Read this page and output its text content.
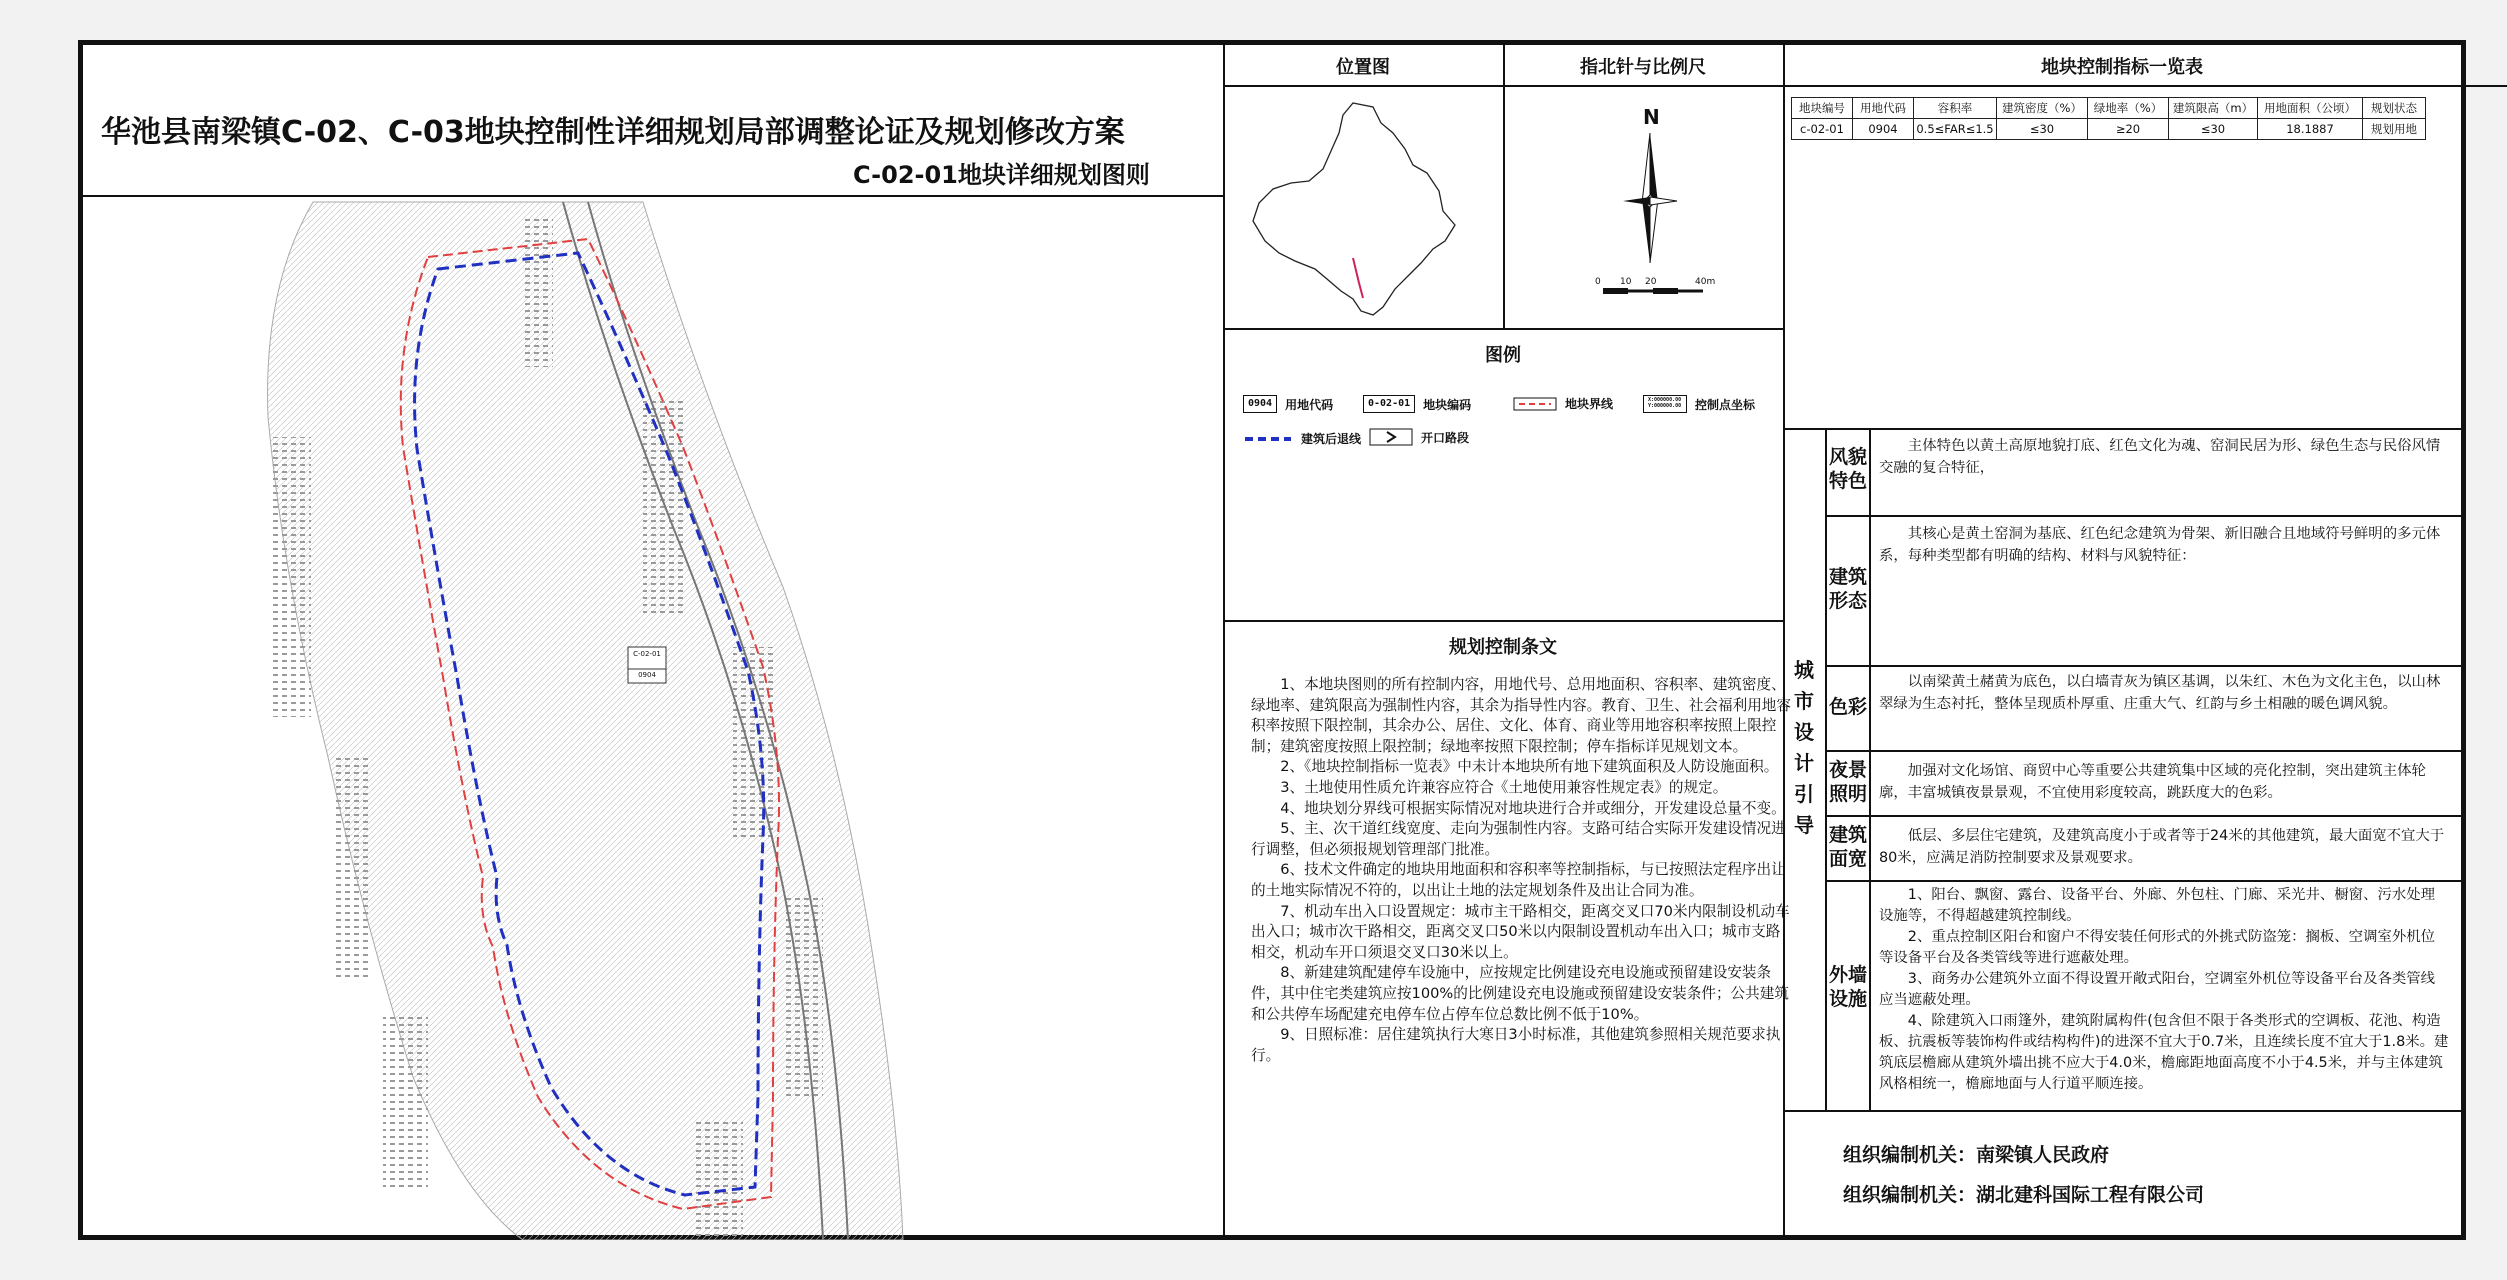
华池县南梁镇C-02、C-03地块控制性详细规划局部调整论证及规划修改方案
C-02-01地块详细规划图则
C-02-01
0904
位置图	指北针与比例尺
N
0 10 20	40m
图例
0904	用地代码	0-02-01	地块编码	地块界线	X:000000.00 Y:000000.00	控制点坐标
建筑后退线	开口路段
规划控制条文

1、本地块图则的所有控制内容，用地代号、总用地面积、容积率、建筑密度、绿地率、建筑限高为强制性内容，其余为指导性内容。教育、卫生、社会福利用地容积率按照下限控制，其余办公、居住、文化、体育、商业等用地容积率按照上限控制；建筑密度按照上限控制；绿地率按照下限控制；停车指标详见规划文本。

2、《地块控制指标一览表》中未计本地块所有地下建筑面积及人防设施面积。

3、土地使用性质允许兼容应符合《土地使用兼容性规定表》的规定。

4、地块划分界线可根据实际情况对地块进行合并或细分，开发建设总量不变。

5、主、次干道红线宽度、走向为强制性内容。支路可结合实际开发建设情况进行调整，但必须报规划管理部门批准。

6、技术文件确定的地块用地面积和容积率等控制指标，与已按照法定程序出让的土地实际情况不符的，以出让土地的法定规划条件及出让合同为准。

7、机动车出入口设置规定：城市主干路相交，距离交叉口70米内限制设机动车出入口；城市次干路相交，距离交叉口50米以内限制设置机动车出入口；城市支路相交，机动车开口须退交叉口30米以上。

8、新建建筑配建停车设施中，应按规定比例建设充电设施或预留建设安装条件，其中住宅类建筑应按100%的比例建设充电设施或预留建设安装条件；公共建筑和公共停车场配建充电停车位占停车位总数比例不低于10%。

9、日照标准：居住建筑执行大寒日3小时标准，其他建筑参照相关规范要求执行。

地块控制指标一览表
地块编号	用地代码	容积率	建筑密度（%）	绿地率（%）	建筑限高（m）	用地面积（公顷）	规划状态
c-02-01	0904	0.5≤FAR≤1.5	≤30	≥20	≤30	18.1887	规划用地
城市设计引导
风貌特色
主体特色以黄土高原地貌打底、红色文化为魂、窑洞民居为形、绿色生态与民俗风情交融的复合特征，
建筑形态
其核心是黄土窑洞为基底、红色纪念建筑为骨架、新旧融合且地域符号鲜明的多元体系，每种类型都有明确的结构、材料与风貌特征：
色彩
以南梁黄土赭黄为底色，以白墙青灰为镇区基调，以朱红、木色为文化主色，以山林翠绿为生态衬托，整体呈现质朴厚重、庄重大气、红韵与乡土相融的暖色调风貌。
夜景照明
加强对文化场馆、商贸中心等重要公共建筑集中区域的亮化控制，突出建筑主体轮廓，丰富城镇夜景景观，不宜使用彩度较高，跳跃度大的色彩。
建筑面宽
低层、多层住宅建筑，及建筑高度小于或者等于24米的其他建筑，最大面宽不宜大于80米，应满足消防控制要求及景观要求。
外墙设施
1、阳台、飘窗、露台、设备平台、外廊、外包柱、门廊、采光井、橱窗、污水处理设施等，不得超越建筑控制线。
2、重点控制区阳台和窗户不得安装任何形式的外挑式防盗笼：搁板、空调室外机位等设备平台及各类管线等进行遮蔽处理。
3、商务办公建筑外立面不得设置开敞式阳台，空调室外机位等设备平台及各类管线应当遮蔽处理。
4、除建筑入口雨篷外，建筑附属构件(包含但不限于各类形式的空调板、花池、构造板、抗震板等装饰构件或结构构件)的进深不宜大于0.7米，且连续长度不宜大于1.8米。建筑底层檐廊从建筑外墙出挑不应大于4.0米，檐廊距地面高度不小于4.5米，并与主体建筑风格相统一，檐廊地面与人行道平顺连接。
组织编制机关：南梁镇人民政府
组织编制机关：湖北建科国际工程有限公司
